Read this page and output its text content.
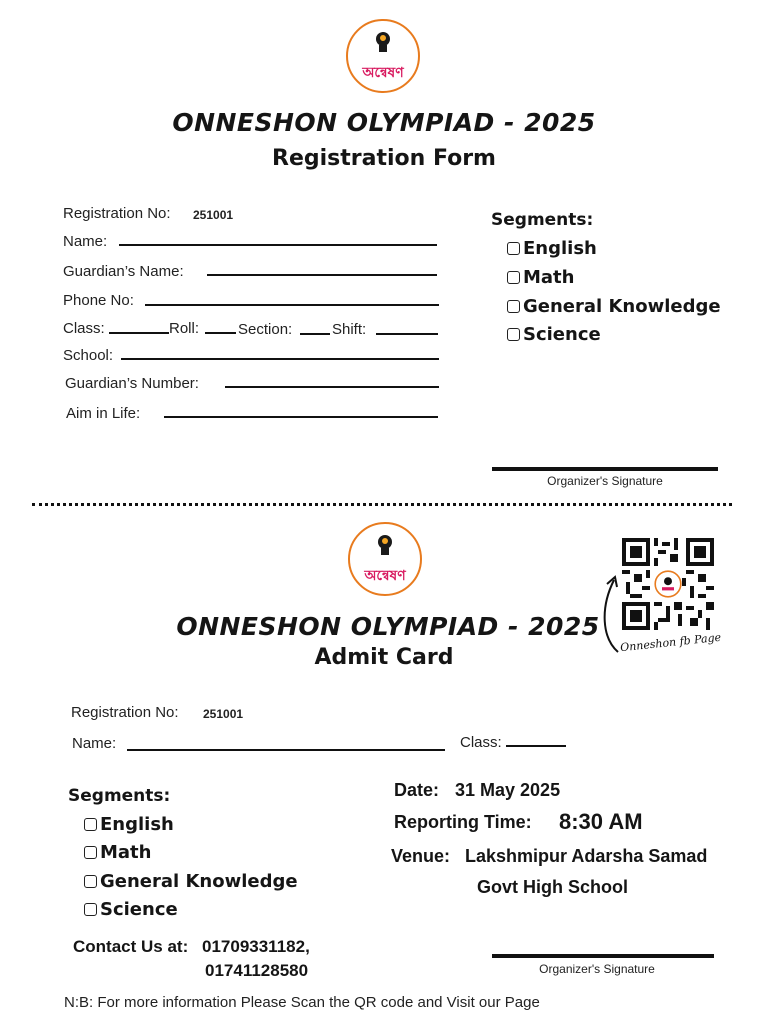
অন্বেষণ
ONNESHON OLYMPIAD - 2025
Registration Form
Registration No: 251001
Name:
Guardian’s Name:
Phone No:
Class:	Roll:	Section:	Shift:
School:
Guardian’s Number:
Aim in Life:
Segments:
English
Math
General Knowledge
Science
Organizer's Signature
অন্বেষণ
ONNESHON OLYMPIAD - 2025
Admit Card
Onneshon fb Page
Registration No: 251001
Name:	Class:
Segments:
English
Math
General Knowledge
Science
Date: 31 May 2025
Reporting Time: 8:30 AM
Venue: Lakshmipur Adarsha Samad
Govt High School
Contact Us at: 01709331182,
01741128580	Organizer's Signature
N:B: For more information Please Scan the QR code and Visit our Page
